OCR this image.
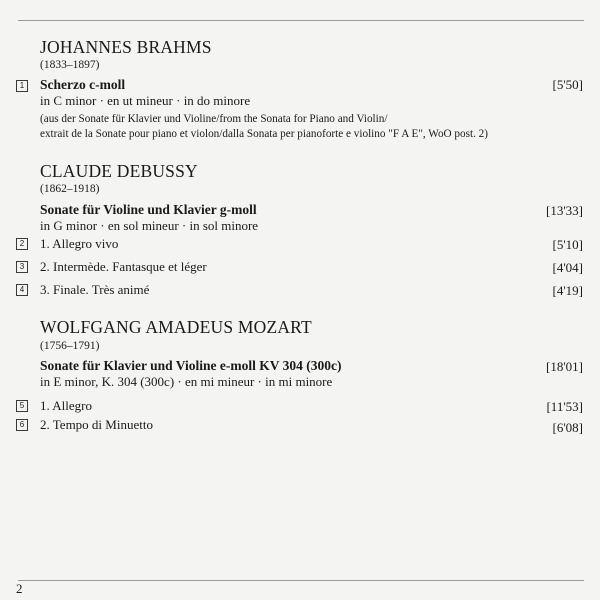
JOHANNES BRAHMS
(1833–1897)
1 Scherzo c-moll	[5'50]
in C minor · en ut mineur · in do minore
(aus der Sonate für Klavier und Violine/from the Sonata for Piano and Violin/
extrait de la Sonate pour piano et violon/dalla Sonata per pianoforte e violino "F A E", WoO post. 2)
CLAUDE DEBUSSY
(1862–1918)
Sonate für Violine und Klavier g-moll	[13'33]
in G minor · en sol mineur · in sol minore
2 1. Allegro vivo	[5'10]
3 2. Intermède. Fantasque et léger	[4'04]
4 3. Finale. Très animé	[4'19]
WOLFGANG AMADEUS MOZART
(1756–1791)
Sonate für Klavier und Violine e-moll KV 304 (300c)	[18'01]
in E minor, K. 304 (300c) · en mi mineur · in mi minore
5 1. Allegro	[11'53]
6 2. Tempo di Minuetto	[6'08]
2
